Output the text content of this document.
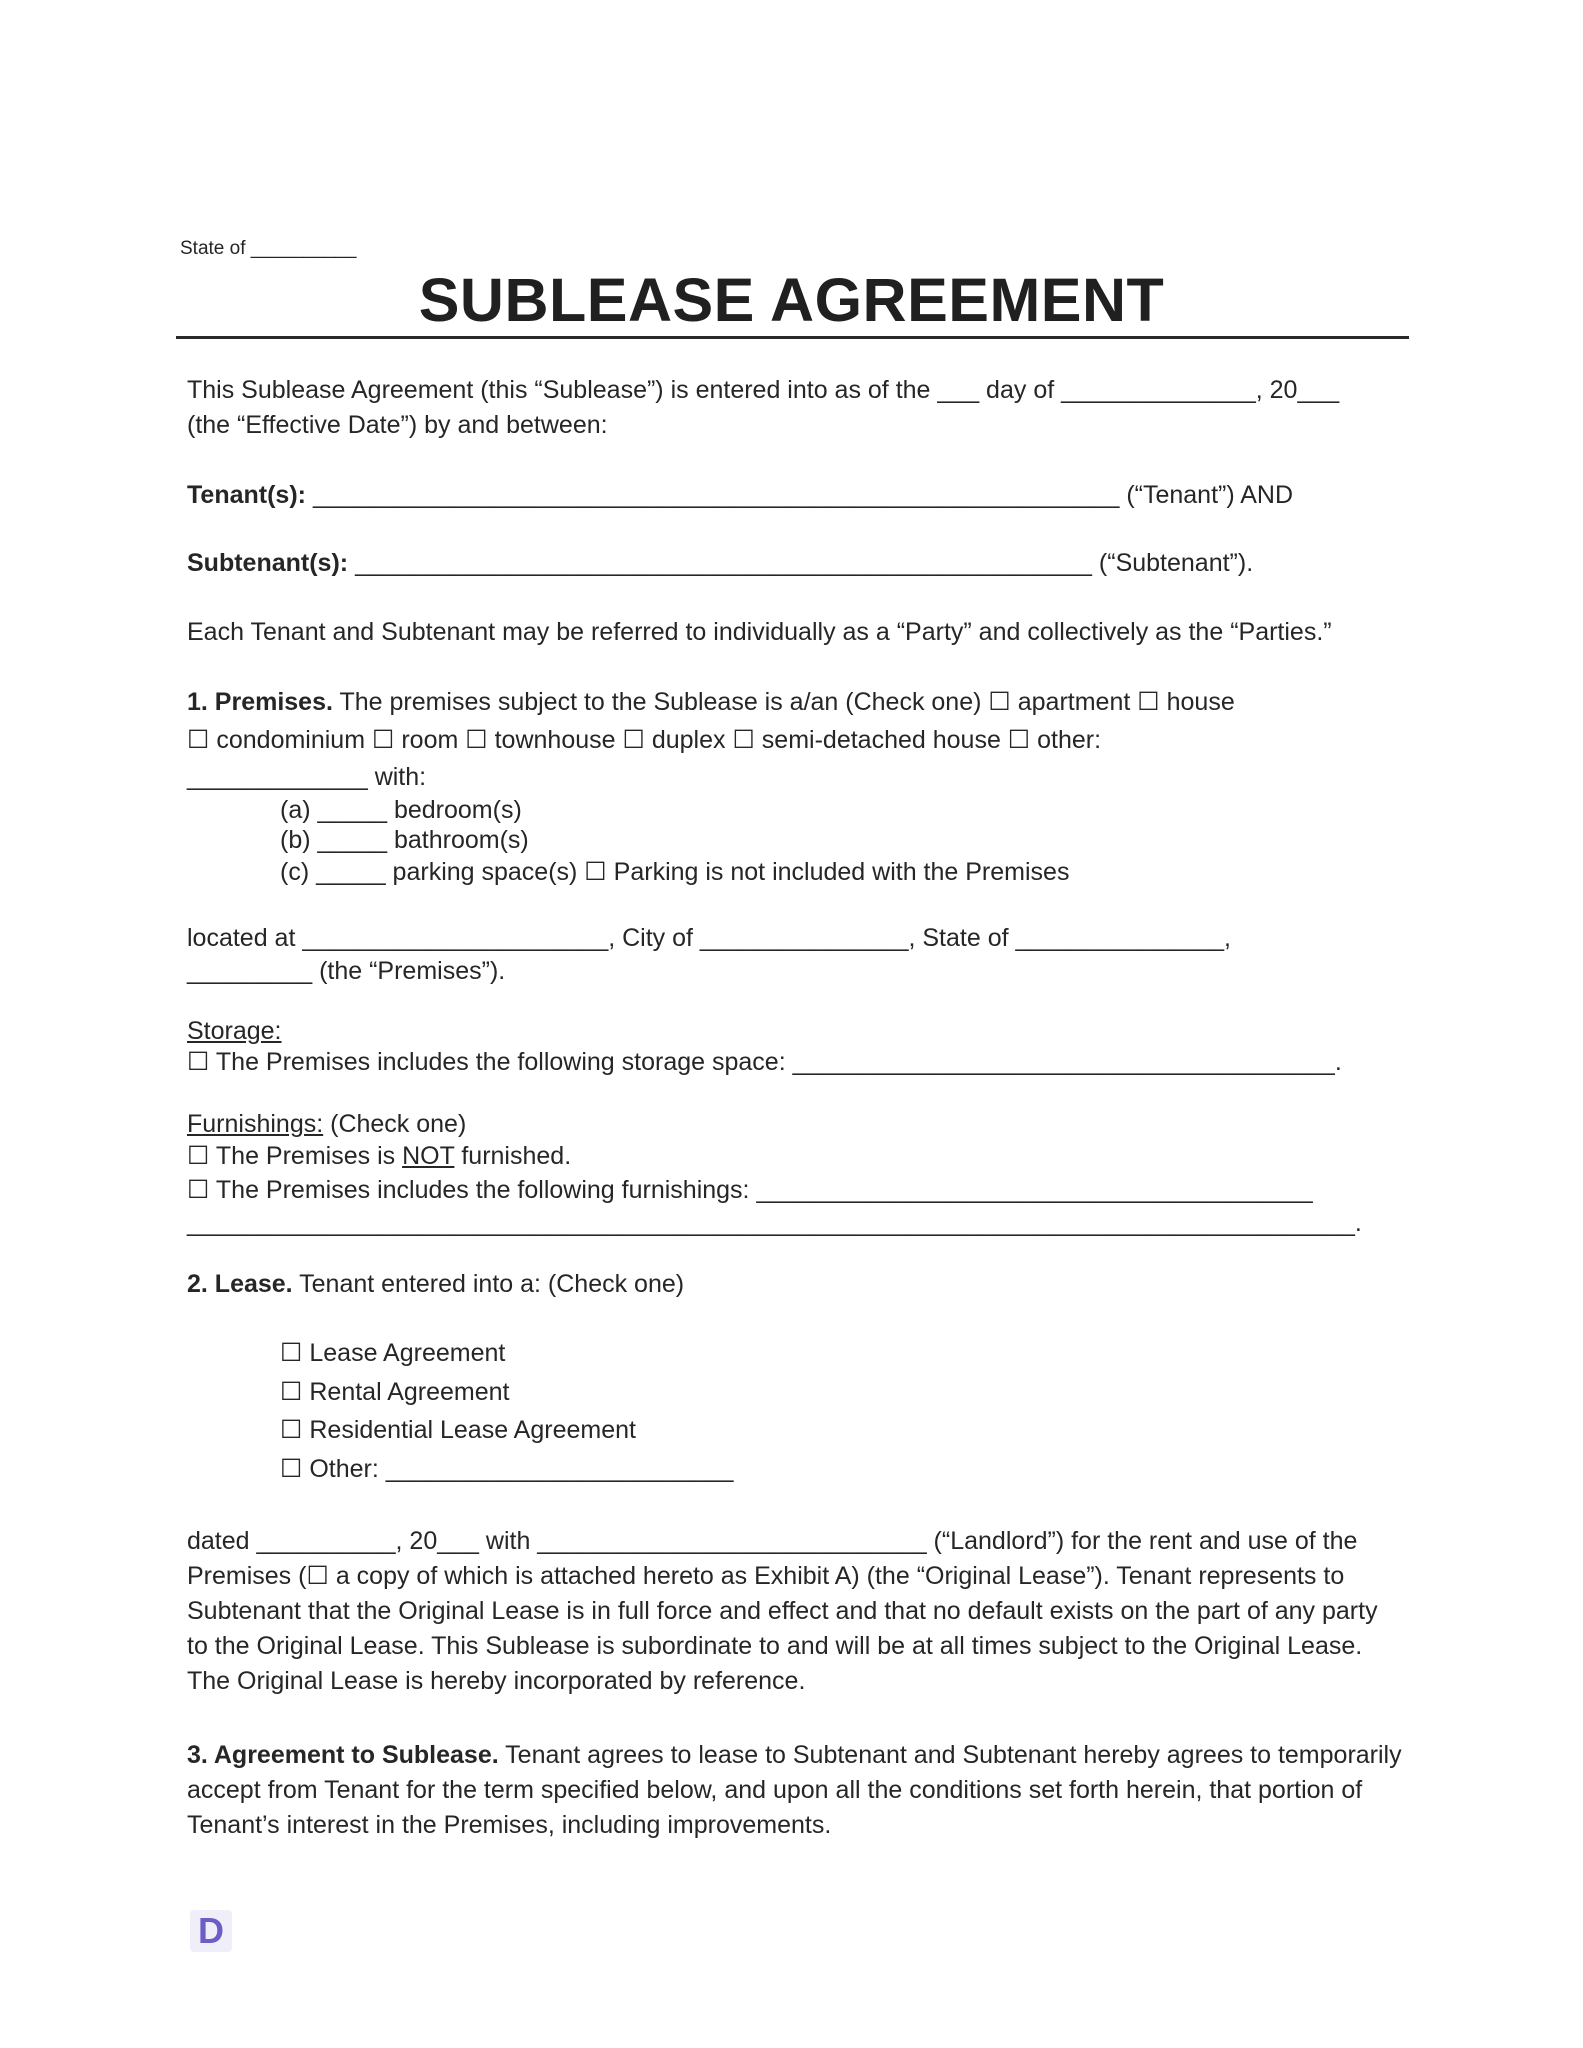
State of __________
SUBLEASE AGREEMENT
This Sublease Agreement (this “Sublease”) is entered into as of the ___ day of ______________, 20___
(the “Effective Date”) by and between:
Tenant(s): __________________________________________________________ (“Tenant”) AND
Subtenant(s): _____________________________________________________ (“Subtenant”).
Each Tenant and Subtenant may be referred to individually as a “Party” and collectively as the “Parties.”
1. Premises. The premises subject to the Sublease is a/an (Check one) ☐ apartment ☐ house
☐ condominium ☐ room ☐ townhouse ☐ duplex ☐ semi-detached house ☐ other:
_____________ with:
(a) _____ bedroom(s)
(b) _____ bathroom(s)
(c) _____ parking space(s) ☐ Parking is not included with the Premises
located at ______________________, City of _______________, State of _______________,
_________ (the “Premises”).
Storage:
☐ The Premises includes the following storage space: _______________________________________.
Furnishings: (Check one)
☐ The Premises is NOT furnished.
☐ The Premises includes the following furnishings: ________________________________________
____________________________________________________________________________________.
2. Lease. Tenant entered into a: (Check one)
☐ Lease Agreement
☐ Rental Agreement
☐ Residential Lease Agreement
☐ Other: _________________________
dated __________, 20___ with ____________________________ (“Landlord”) for the rent and use of the Premises (☐ a copy of which is attached hereto as Exhibit A) (the “Original Lease”). Tenant represents to Subtenant that the Original Lease is in full force and effect and that no default exists on the part of any party to the Original Lease. This Sublease is subordinate to and will be at all times subject to the Original Lease. The Original Lease is hereby incorporated by reference.
3. Agreement to Sublease. Tenant agrees to lease to Subtenant and Subtenant hereby agrees to temporarily accept from Tenant for the term specified below, and upon all the conditions set forth herein, that portion of Tenant’s interest in the Premises, including improvements.
D
